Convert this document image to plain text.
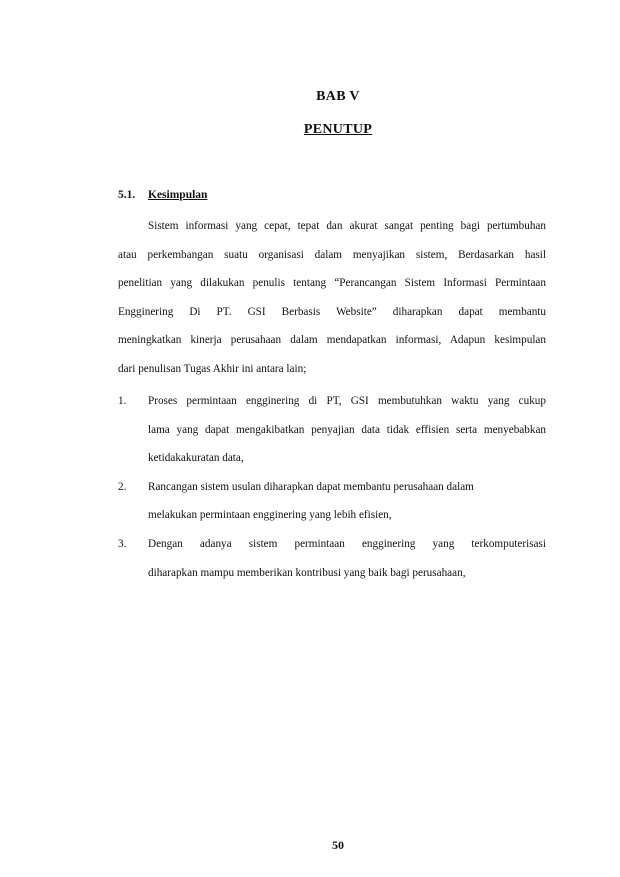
BAB V
PENUTUP
5.1. Kesimpulan
Sistem informasi yang cepat, tepat dan akurat sangat penting bagi pertumbuhan
atau perkembangan suatu organisasi dalam menyajikan sistem, Berdasarkan hasil
penelitian yang dilakukan penulis tentang “Perancangan Sistem Informasi Permintaan
Engginering Di PT. GSI Berbasis Website” diharapkan dapat membantu
meningkatkan kinerja perusahaan dalam mendapatkan informasi, Adapun kesimpulan
dari penulisan Tugas Akhir ini antara lain;
1. Proses permintaan engginering di PT, GSI membutuhkan waktu yang cukup
lama yang dapat mengakibatkan penyajian data tidak effisien serta menyebabkan
ketidakakuratan data,
2. Rancangan sistem usulan diharapkan dapat membantu perusahaan dalam
melakukan permintaan engginering yang lebih efisien,
3. Dengan adanya sistem permintaan engginering yang terkomputerisasi
diharapkan mampu memberikan kontribusi yang baik bagi perusahaan,
50
